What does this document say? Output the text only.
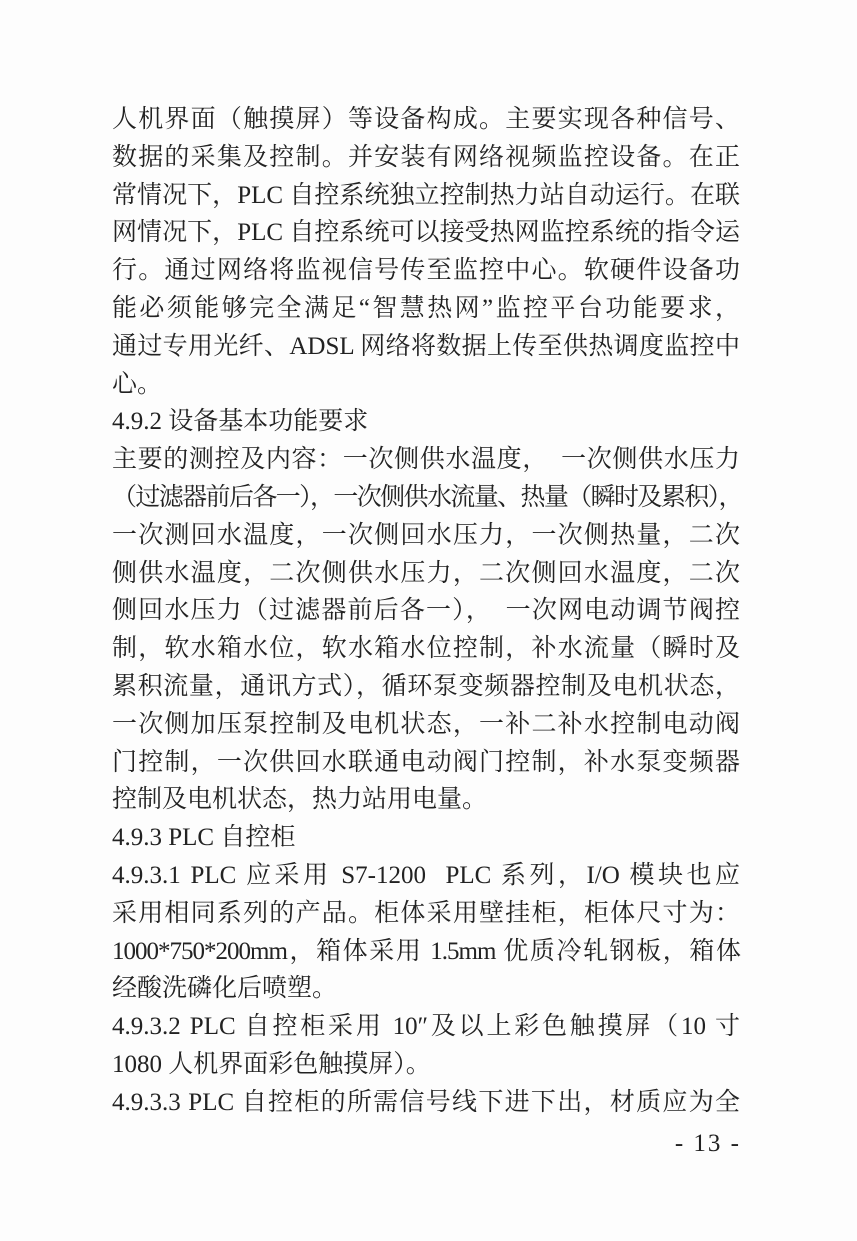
人机界面（触摸屏）等设备构成。主要实现各种信号、
数据的采集及控制。并安装有网络视频监控设备。在正
常情况下，PLC 自控系统独立控制热力站自动运行。在联
网情况下，PLC 自控系统可以接受热网监控系统的指令运
行。通过网络将监视信号传至监控中心。软硬件设备功
能必须能够完全满足“智慧热网”监控平台功能要求，
通过专用光纤、ADSL 网络将数据上传至供热调度监控中
心。
4.9.2 设备基本功能要求
主要的测控及内容：一次侧供水温度，　一次侧供水压力
（过滤器前后各一），一次侧供水流量、热量（瞬时及累积），
一次测回水温度，一次侧回水压力，一次侧热量，二次
侧供水温度，二次侧供水压力，二次侧回水温度，二次
侧回水压力（过滤器前后各一），　一次网电动调节阀控
制，软水箱水位，软水箱水位控制，补水流量（瞬时及
累积流量，通讯方式），循环泵变频器控制及电机状态，
一次侧加压泵控制及电机状态，一补二补水控制电动阀
门控制，一次供回水联通电动阀门控制，补水泵变频器
控制及电机状态，热力站用电量。
4.9.3 PLC 自控柜
4.9.3.1 PLC 应采用 S7-1200  PLC 系列，I/O 模块也应
采用相同系列的产品。柜体采用壁挂柜，柜体尺寸为：
1000*750*200mm，箱体采用 1.5mm 优质冷轧钢板，箱体
经酸洗磷化后喷塑。
4.9.3.2 PLC 自控柜采用 10″及以上彩色触摸屏（10 寸
1080 人机界面彩色触摸屏）。
4.9.3.3 PLC 自控柜的所需信号线下进下出，材质应为全
- 13 -
